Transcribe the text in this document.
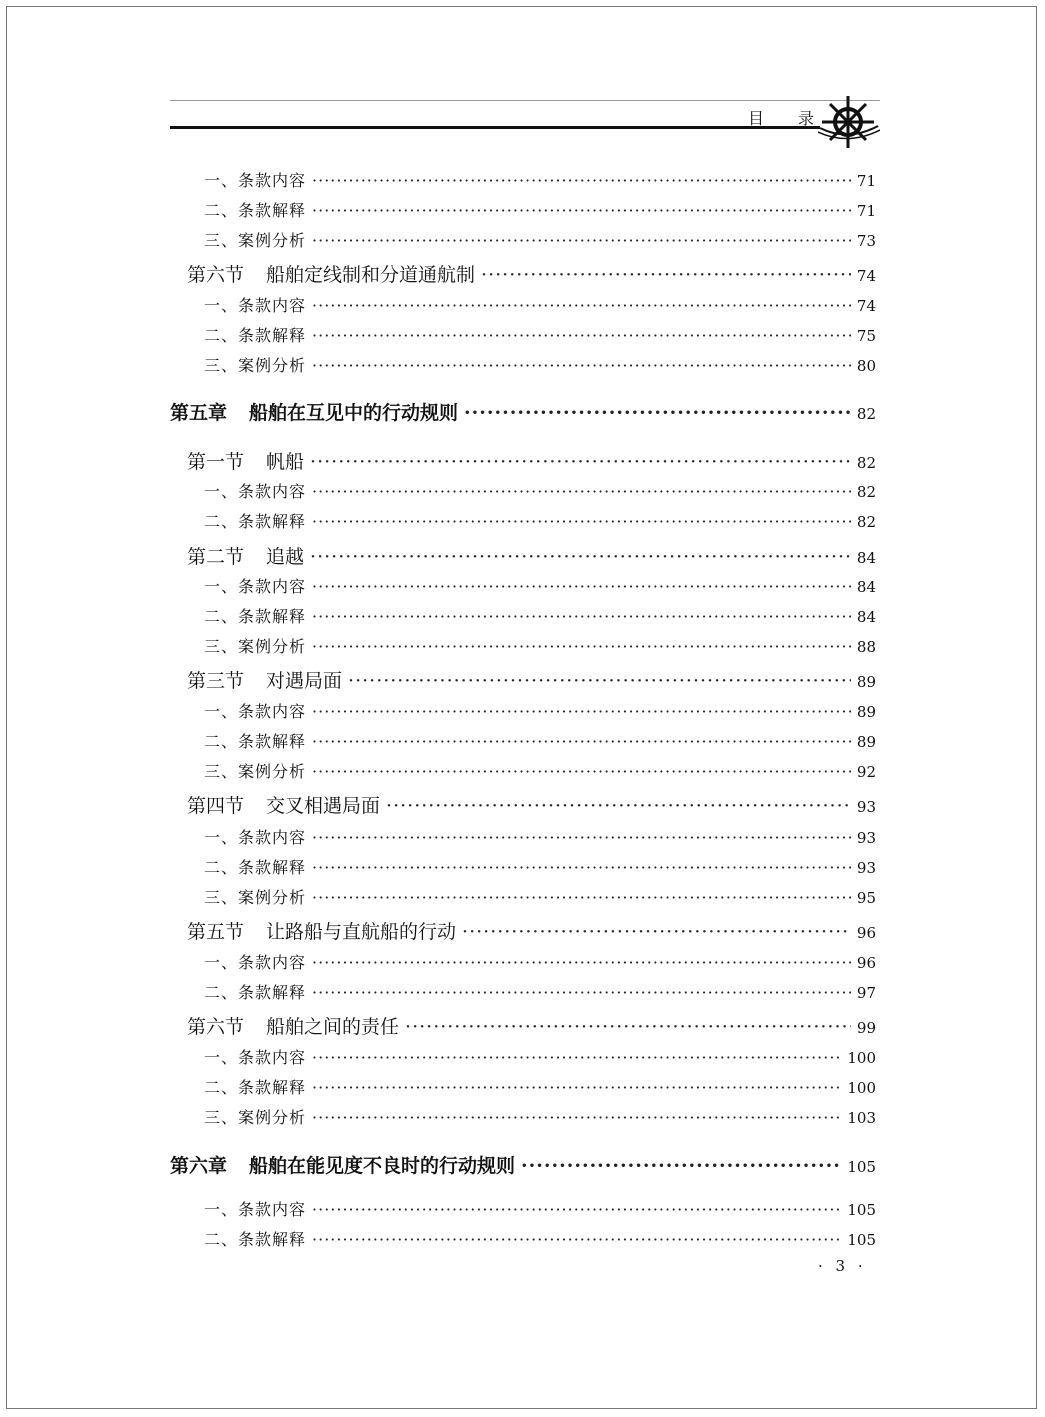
目 录
一、条款内容 ·····	71
二、条款解释 ·····	71
三、案例分析 ·····	73
第六节 船舶定线制和分道通航制 ·····	74
一、条款内容 ·····	74
二、条款解释 ·····	75
三、案例分析 ·····	80
第五章 船舶在互见中的行动规则 ·····	82
第一节 帆船 ·····	82
一、条款内容 ·····	82
二、条款解释 ·····	82
第二节 追越 ·····	84
一、条款内容 ·····	84
二、条款解释 ·····	84
三、案例分析 ·····	88
第三节 对遇局面 ·····	89
一、条款内容 ·····	89
二、条款解释 ·····	89
三、案例分析 ·····	92
第四节 交叉相遇局面 ·····	93
一、条款内容 ·····	93
二、条款解释 ·····	93
三、案例分析 ·····	95
第五节 让路船与直航船的行动 ·····	96
一、条款内容 ·····	96
二、条款解释 ·····	97
第六节 船舶之间的责任 ·····	99
一、条款内容 ·····	100
二、条款解释 ·····	100
三、案例分析 ·····	103
第六章 船舶在能见度不良时的行动规则 ·····	105
一、条款内容 ·····	105
二、条款解释 ·····	105
· 3 ·
